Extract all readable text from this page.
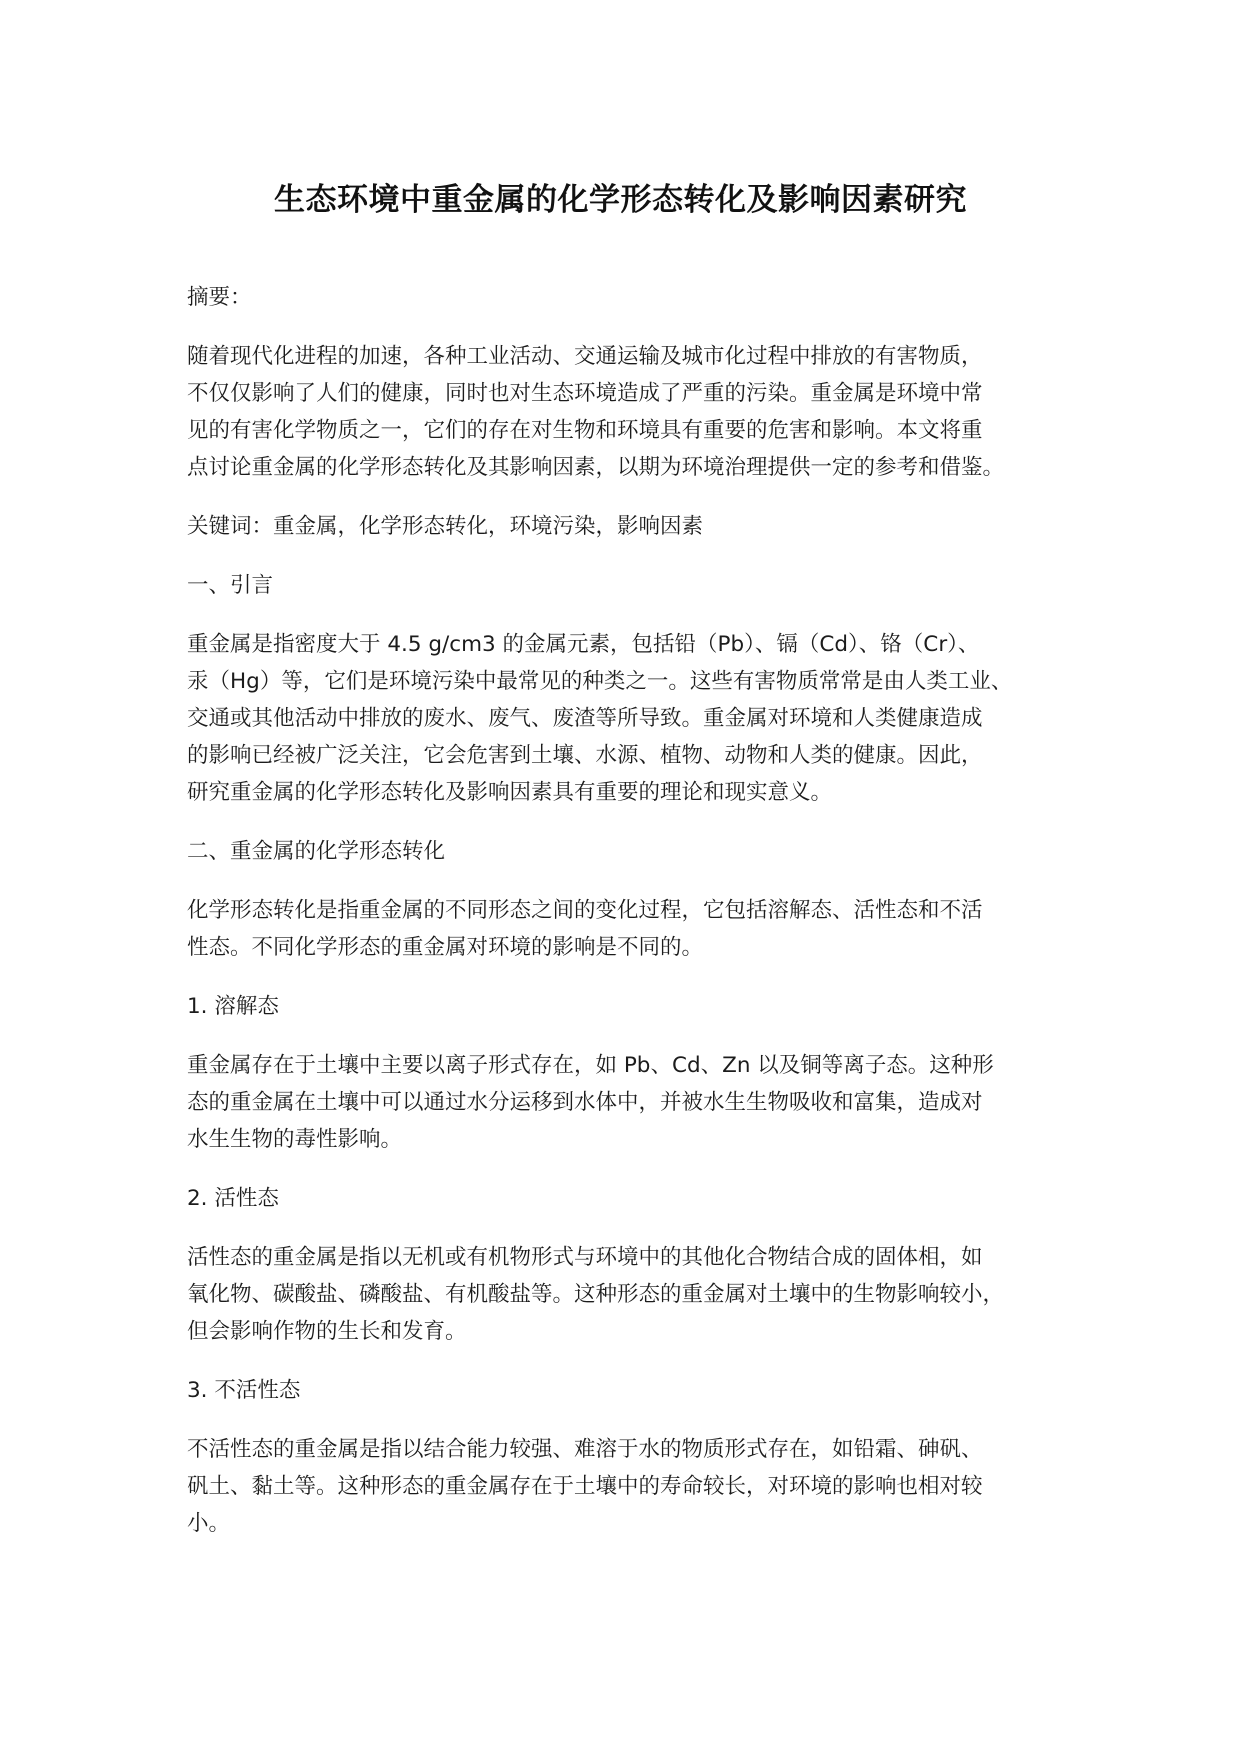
生态环境中重金属的化学形态转化及影响因素研究
摘要：
随着现代化进程的加速，各种工业活动、交通运输及城市化过程中排放的有害物质，
不仅仅影响了人们的健康，同时也对生态环境造成了严重的污染。重金属是环境中常
见的有害化学物质之一，它们的存在对生物和环境具有重要的危害和影响。本文将重
点讨论重金属的化学形态转化及其影响因素，以期为环境治理提供一定的参考和借鉴。
关键词：重金属，化学形态转化，环境污染，影响因素
一、引言
重金属是指密度大于 4.5 g/cm3 的金属元素，包括铅（Pb）、镉（Cd）、铬（Cr）、
汞（Hg）等，它们是环境污染中最常见的种类之一。这些有害物质常常是由人类工业、
交通或其他活动中排放的废水、废气、废渣等所导致。重金属对环境和人类健康造成
的影响已经被广泛关注，它会危害到土壤、水源、植物、动物和人类的健康。因此，
研究重金属的化学形态转化及影响因素具有重要的理论和现实意义。
二、重金属的化学形态转化
化学形态转化是指重金属的不同形态之间的变化过程，它包括溶解态、活性态和不活
性态。不同化学形态的重金属对环境的影响是不同的。
1. 溶解态
重金属存在于土壤中主要以离子形式存在，如 Pb、Cd、Zn 以及铜等离子态。这种形
态的重金属在土壤中可以通过水分运移到水体中，并被水生生物吸收和富集，造成对
水生生物的毒性影响。
2. 活性态
活性态的重金属是指以无机或有机物形式与环境中的其他化合物结合成的固体相，如
氧化物、碳酸盐、磷酸盐、有机酸盐等。这种形态的重金属对土壤中的生物影响较小，
但会影响作物的生长和发育。
3. 不活性态
不活性态的重金属是指以结合能力较强、难溶于水的物质形式存在，如铅霜、砷矾、
矾土、黏土等。这种形态的重金属存在于土壤中的寿命较长，对环境的影响也相对较
小。
